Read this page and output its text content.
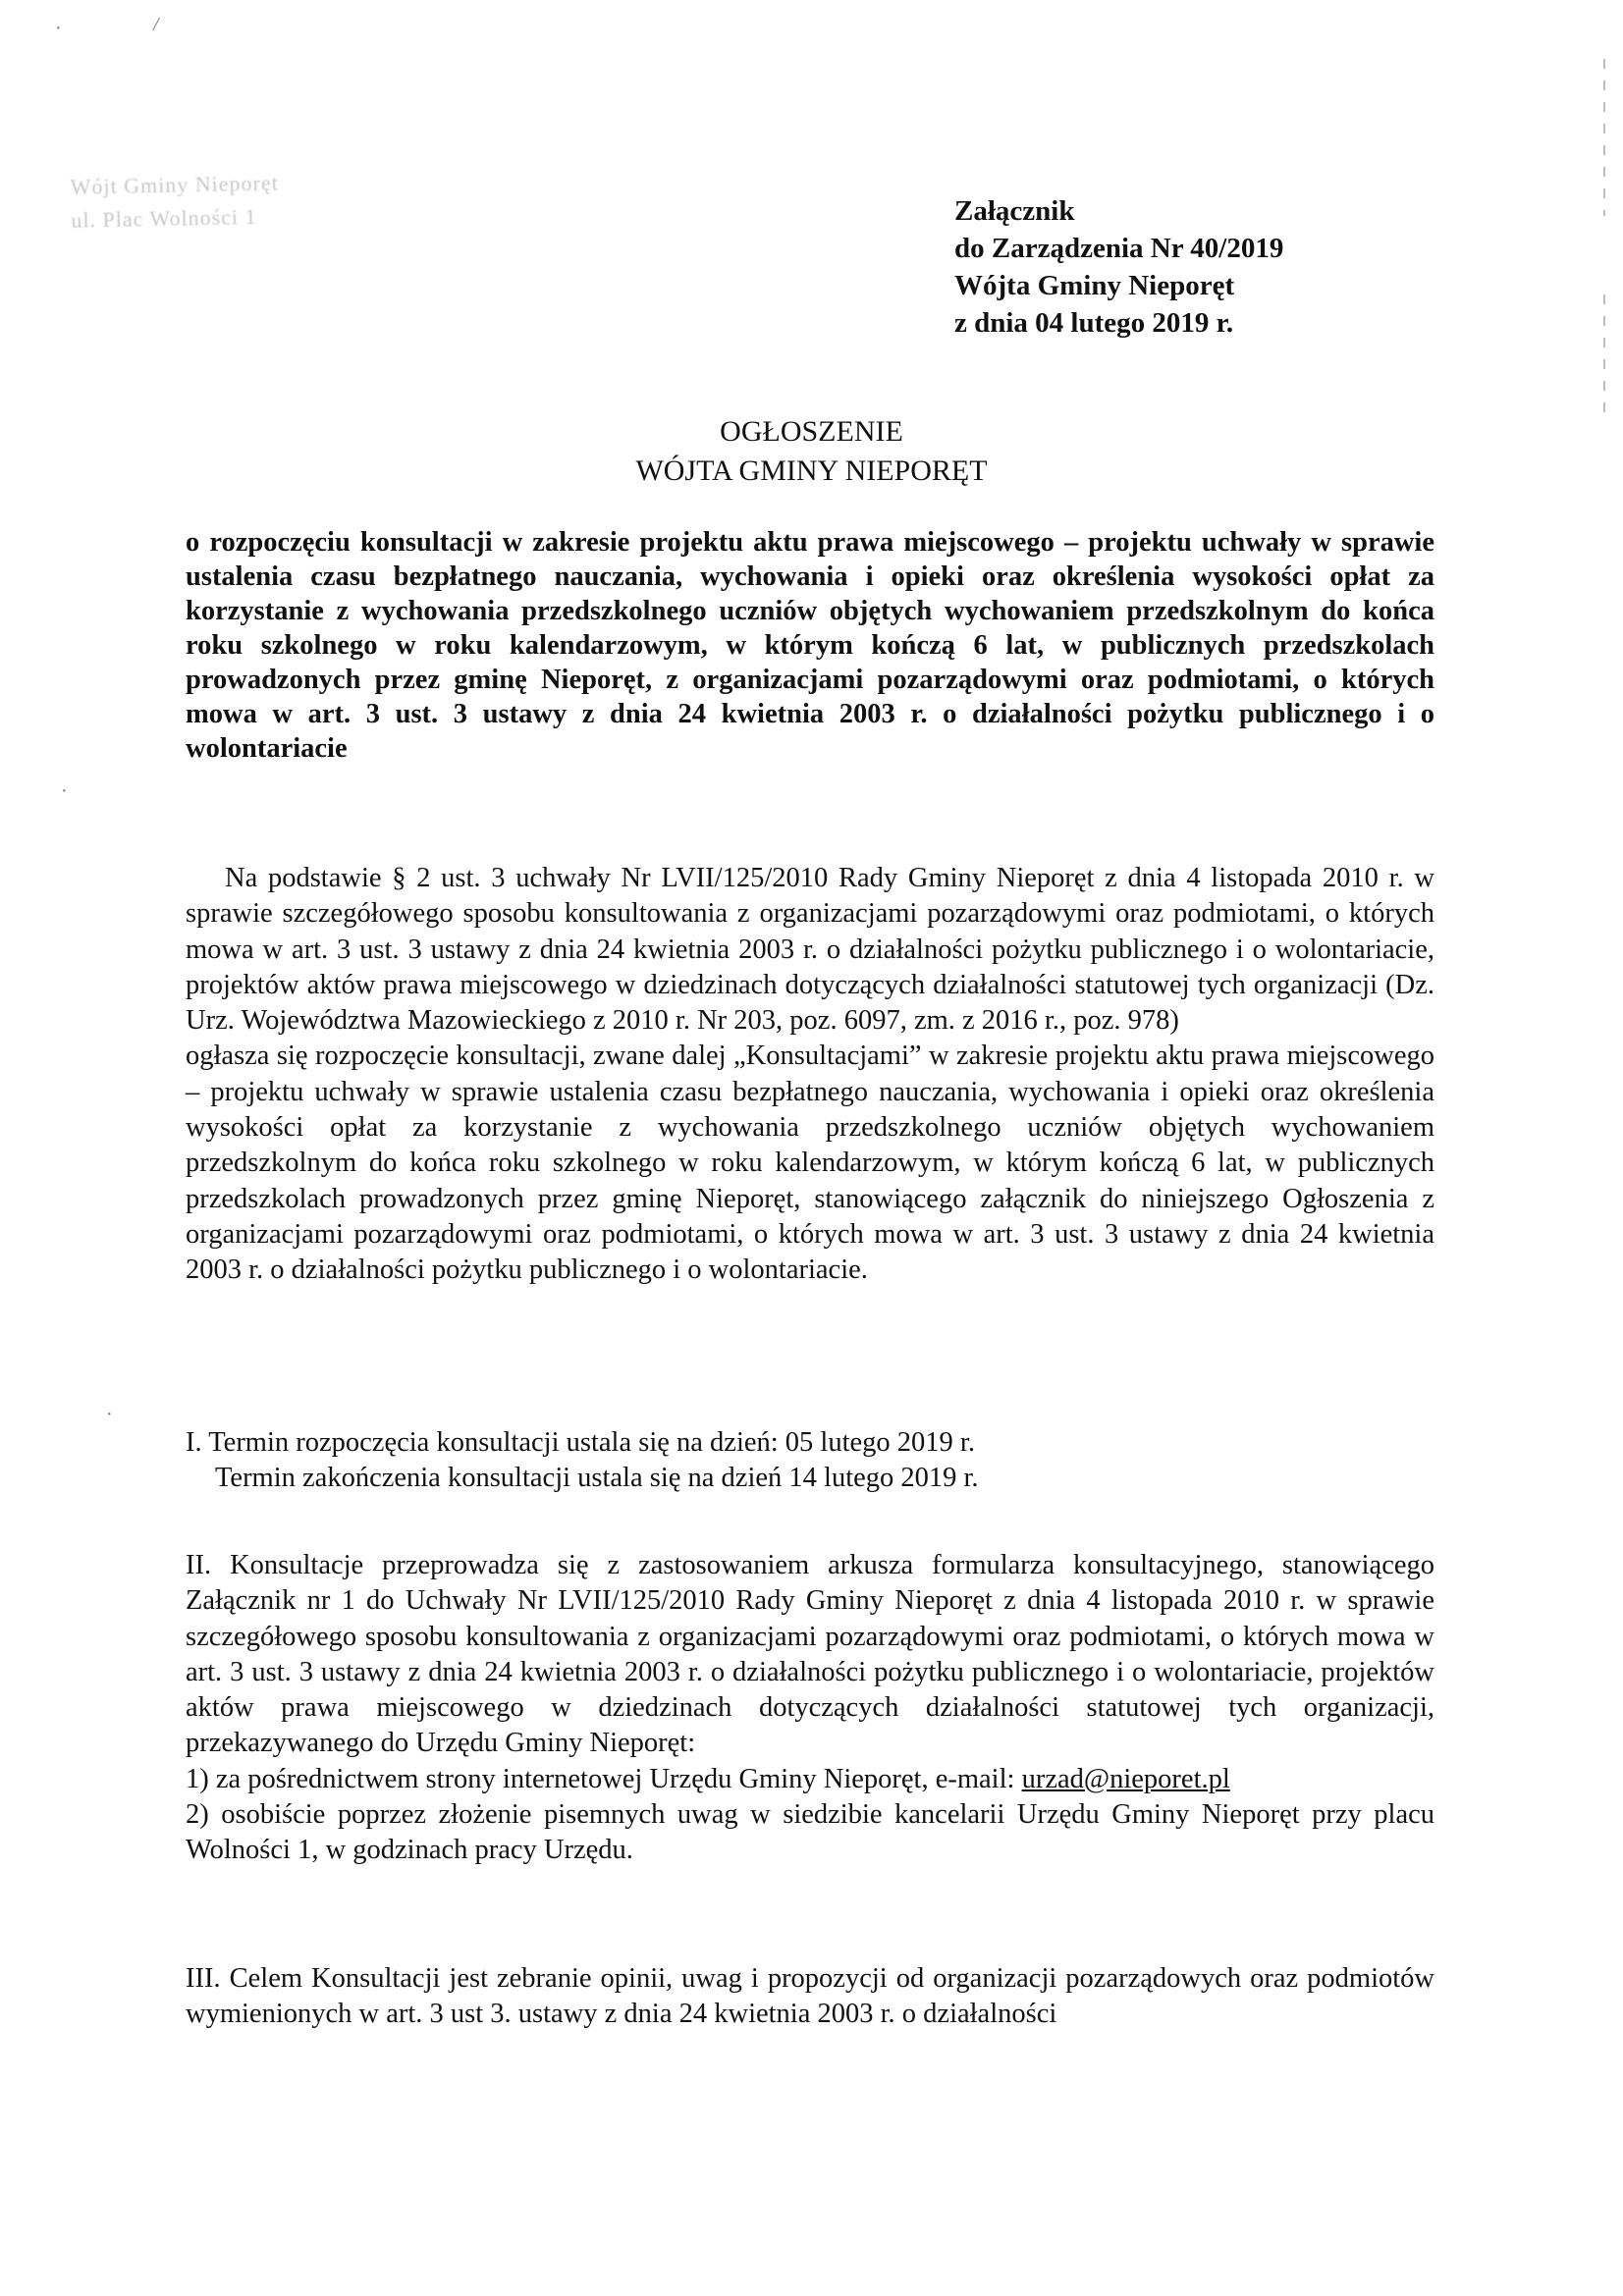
·	/
·
·
Wójt Gminy Nieporęt
ul. Plac Wolności 1	Załącznik
do Zarządzenia Nr 40/2019
Wójta Gminy Nieporęt
z dnia 04 lutego 2019 r.
OGŁOSZENIE
WÓJTA GMINY NIEPORĘT
o rozpoczęciu konsultacji w zakresie projektu aktu prawa miejscowego – projektu uchwały w sprawie ustalenia czasu bezpłatnego nauczania, wychowania i opieki oraz określenia wysokości opłat za korzystanie z wychowania przedszkolnego uczniów objętych wychowaniem przedszkolnym do końca roku szkolnego w roku kalendarzowym, w którym kończą 6 lat, w publicznych przedszkolach prowadzonych przez gminę Nieporęt, z organizacjami pozarządowymi oraz podmiotami, o których mowa w art. 3 ust. 3 ustawy z dnia 24 kwietnia 2003 r. o działalności pożytku publicznego i o wolontariacie
Na podstawie § 2 ust. 3 uchwały Nr LVII/125/2010 Rady Gminy Nieporęt z dnia 4 listopada 2010 r. w sprawie szczegółowego sposobu konsultowania z organizacjami pozarządowymi oraz podmiotami, o których mowa w art. 3 ust. 3 ustawy z dnia 24 kwietnia 2003 r. o działalności pożytku publicznego i o wolontariacie, projektów aktów prawa miejscowego w dziedzinach dotyczących działalności statutowej tych organizacji (Dz. Urz. Województwa Mazowieckiego z 2010 r. Nr 203, poz. 6097, zm. z 2016 r., poz. 978)
ogłasza się rozpoczęcie konsultacji, zwane dalej „Konsultacjami” w zakresie projektu aktu prawa miejscowego – projektu uchwały w sprawie ustalenia czasu bezpłatnego nauczania, wychowania i opieki oraz określenia wysokości opłat za korzystanie z wychowania przedszkolnego uczniów objętych wychowaniem przedszkolnym do końca roku szkolnego w roku kalendarzowym, w którym kończą 6 lat, w publicznych przedszkolach prowadzonych przez gminę Nieporęt, stanowiącego załącznik do niniejszego Ogłoszenia z organizacjami pozarządowymi oraz podmiotami, o których mowa w art. 3 ust. 3 ustawy z dnia 24 kwietnia 2003 r. o działalności pożytku publicznego i o wolontariacie.
I. Termin rozpoczęcia konsultacji ustala się na dzień: 05 lutego 2019 r.
Termin zakończenia konsultacji ustala się na dzień 14 lutego 2019 r.
II. Konsultacje przeprowadza się z zastosowaniem arkusza formularza konsultacyjnego, stanowiącego Załącznik nr 1 do Uchwały Nr LVII/125/2010 Rady Gminy Nieporęt z dnia 4 listopada 2010 r. w sprawie szczegółowego sposobu konsultowania z organizacjami pozarządowymi oraz podmiotami, o których mowa w art. 3 ust. 3 ustawy z dnia 24 kwietnia 2003 r. o działalności pożytku publicznego i o wolontariacie, projektów aktów prawa miejscowego w dziedzinach dotyczących działalności statutowej tych organizacji, przekazywanego do Urzędu Gminy Nieporęt:
1) za pośrednictwem strony internetowej Urzędu Gminy Nieporęt, e-mail: urzad@nieporet.pl
2) osobiście poprzez złożenie pisemnych uwag w siedzibie kancelarii Urzędu Gminy Nieporęt przy placu Wolności 1, w godzinach pracy Urzędu.
III. Celem Konsultacji jest zebranie opinii, uwag i propozycji od organizacji pozarządowych oraz podmiotów wymienionych w art. 3 ust 3. ustawy z dnia 24 kwietnia 2003 r. o działalności
